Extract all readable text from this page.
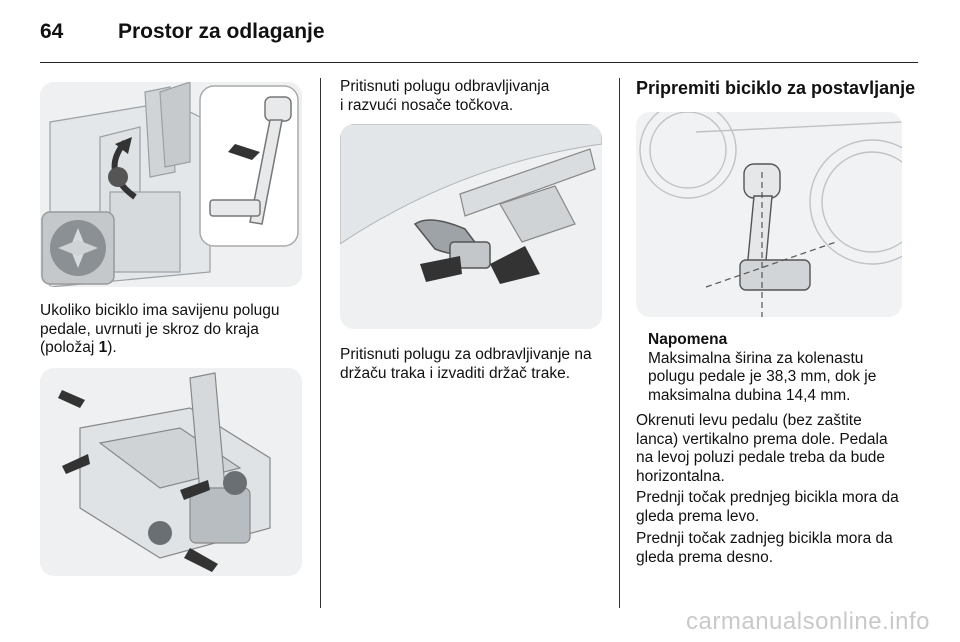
64	Prostor za odlaganje

Ukoliko biciklo ima savijenu polugu pedale, uvrnuti je skroz do kraja
(položaj 1).

Pritisnuti polugu odbravljivanja
i razvući nosače točkova.

Pritisnuti polugu za odbravljivanje na držaču traka i izvaditi držač trake.

Pripremiti biciklo za postavljanje
Napomena
Maksimalna širina za kolenastu polugu pedale je 38,3 mm, dok je maksimalna dubina 14,4 mm.

Okrenuti levu pedalu (bez zaštite lanca) vertikalno prema dole. Pedala na levoj poluzi pedale treba da bude horizontalna.

Prednji točak prednjeg bicikla mora da gleda prema levo.

Prednji točak zadnjeg bicikla mora da gleda prema desno.

carmanualsonline.info
